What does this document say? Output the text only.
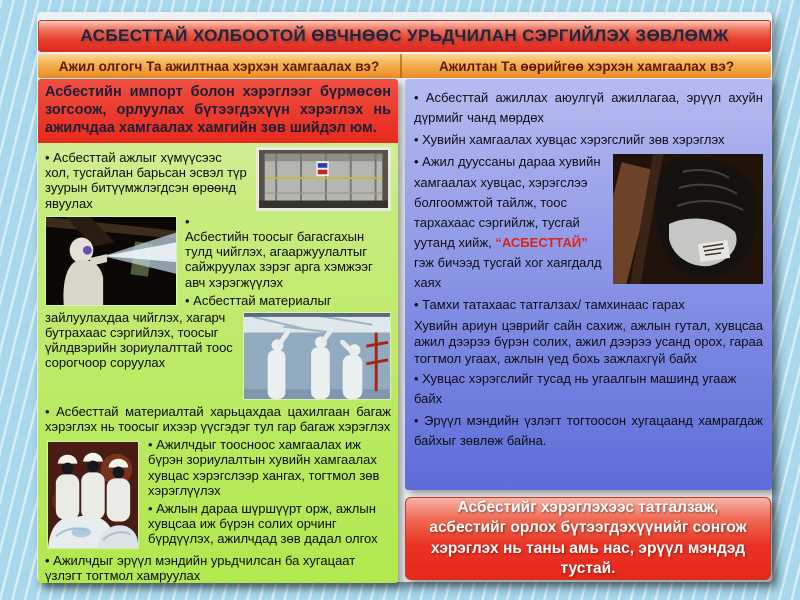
АСБЕСТТАЙ ХОЛБООТОЙ ӨВЧНӨӨС УРЬДЧИЛАН СЭРГИЙЛЭХ ЗӨВЛӨМЖ
Ажил олгогч Та ажилтнаа хэрхэн хамгаалах вэ?	Ажилтан Та өөрийгөө хэрхэн хамгаалах вэ?

Асбестийн импорт болон хэрэглээг бүрмөсөн зогсоож, орлуулах бүтээгдэхүүн хэрэглэх нь ажилчдаа хамгаалах хамгийн зөв шийдэл юм.

• Асбесттай ажлыг хүмүүсээс хол, тусгайлан барьсан эсвэл түр зуурын битүүмжлэгдсэн өрөөнд явуулах

• Асбестийн тоосыг багасгахын тулд чийглэх, агааржуулалтыг сайжруулах зэрэг арга хэмжээг авч хэрэгжүүлэх

• Асбесттай материалыг зайлуулахдаа чийглэх, хагарч бутрахаас сэргийлэх, тоосыг үйлдвэрийн зориулалттай тоос сорогчоор соруулах

• Асбесттай материалтай харьцахдаа цахилгаан багаж хэрэглэх нь тоосыг ихээр үүсгэдэг тул гар багаж хэрэглэх

• Ажилчдыг тоосноос хамгаалах иж бүрэн зориулалтын хувийн хамгаалах хувцас хэрэгслээр хангах, тогтмол зөв хэрэглүүлэх

• Ажлын дараа шүршүүрт орж, ажлын хувцсаа иж бүрэн солих орчинг бүрдүүлэх, ажилчдад зөв дадал олгох

• Ажилчдыг эрүүл мэндийн урьдчилсан ба хугацаат үзлэгт тогтмол хамруулах

• Асбесттай ажиллах аюулгүй ажиллагаа, эрүүл ахуйн дүрмийг чанд мөрдөх

• Хувийн хамгаалах хувцас хэрэгслийг зөв хэрэглэх

• Ажил дууссаны дараа хувийн хамгаалах хувцас, хэрэгслээ болгоомжтой тайлж, тоос тархахаас сэргийлж, тусгай уутанд хийж, “АСБЕСТТАЙ” гэж бичээд тусгай хог хаягдалд хаях

• Тамхи татахаас татгалзах/ тамхинаас гарах

Хувийн ариун цэврийг сайн сахиж, ажлын гутал, хувцсаа ажил дээрээ бүрэн солих, ажил дээрээ усанд орох, гараа тогтмол угаах, ажлын үед бохь зажлахгүй байх

• Хувцас хэрэгслийг тусад нь угаалгын машинд угааж байх

• Эрүүл мэндийн үзлэгт тогтоосон хугацаанд хамрагдаж байхыг зөвлөж байна.

Асбестийг хэрэглэхээс татгалзаж, асбестийг орлох бүтээгдэхүүнийг сонгож хэрэглэх нь таны амь нас, эрүүл мэндэд тустай.
